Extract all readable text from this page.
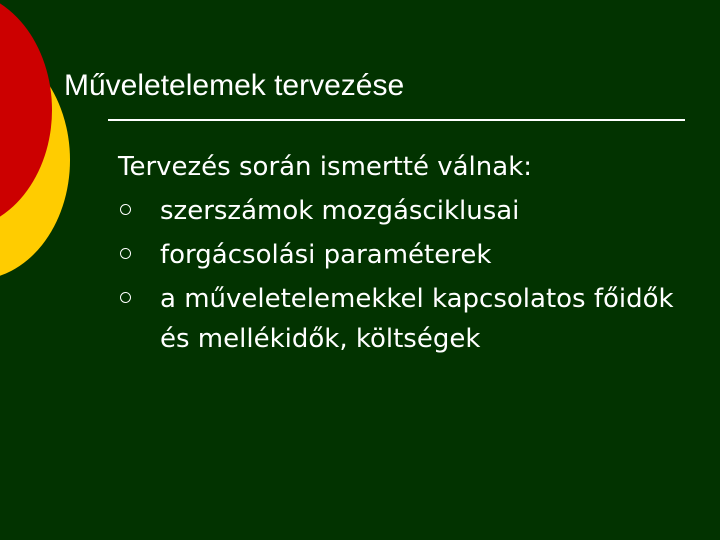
Műveletelemek tervezése
Tervezés során ismertté válnak:
szerszámok mozgásciklusai
forgácsolási paraméterek
a műveletelemekkel kapcsolatos főidők és mellékidők, költségek
